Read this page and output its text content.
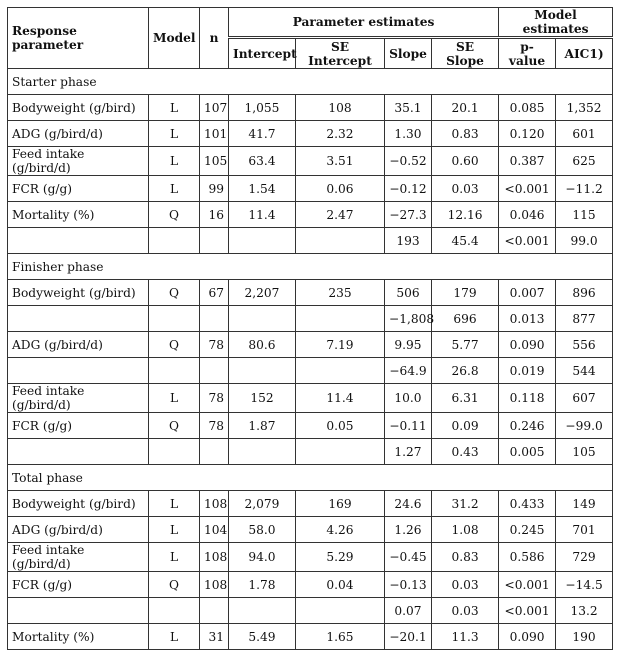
Response parameter	Model	n	Parameter estimates				Model estimates	
			Intercept	SE Intercept	Slope	SE Slope	p-value	AIC1)
Starter phase								
Bodyweight (g/bird)	L	107	1,055	108	35.1	20.1	0.085	1,352
ADG (g/bird/d)	L	101	41.7	2.32	1.30	0.83	0.120	601
Feed intake (g/bird/d)	L	105	63.4	3.51	−0.52	0.60	0.387	625
FCR (g/g)	L	99	1.54	0.06	−0.12	0.03	<0.001	−11.2
Mortality (%)	Q	16	11.4	2.47	−27.3	12.16	0.046	115
					193	45.4	<0.001	99.0
Finisher phase								
Bodyweight (g/bird)	Q	67	2,207	235	506	179	0.007	896
					−1,808	696	0.013	877
ADG (g/bird/d)	Q	78	80.6	7.19	9.95	5.77	0.090	556
					−64.9	26.8	0.019	544
Feed intake (g/bird/d)	L	78	152	11.4	10.0	6.31	0.118	607
FCR (g/g)	Q	78	1.87	0.05	−0.11	0.09	0.246	−99.0
					1.27	0.43	0.005	105
Total phase								
Bodyweight (g/bird)	L	108	2,079	169	24.6	31.2	0.433	149
ADG (g/bird/d)	L	104	58.0	4.26	1.26	1.08	0.245	701
Feed intake (g/bird/d)	L	108	94.0	5.29	−0.45	0.83	0.586	729
FCR (g/g)	Q	108	1.78	0.04	−0.13	0.03	<0.001	−14.5
					0.07	0.03	<0.001	13.2
Mortality (%)	L	31	5.49	1.65	−20.1	11.3	0.090	190
